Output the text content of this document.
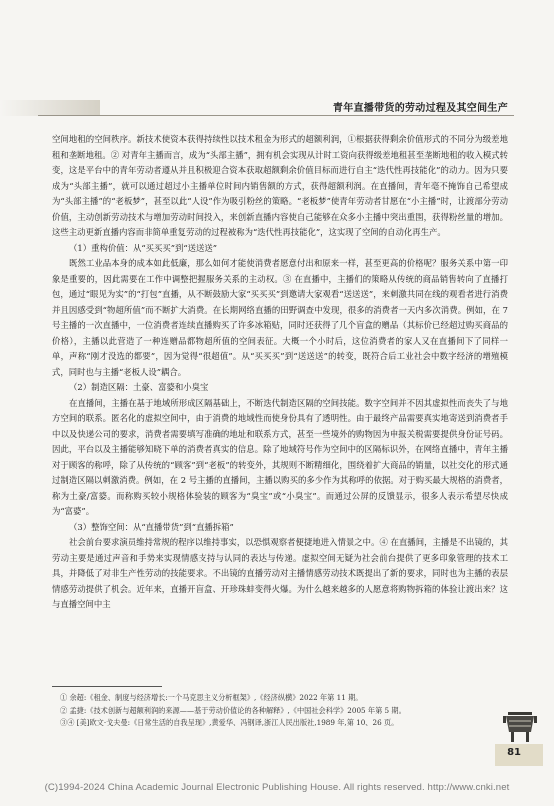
青年直播带货的劳动过程及其空间生产

空间地租的空间秩序。新技术使资本获得持续性以技术租金为形式的超额利润，①根据获得剩余价值形式的不同分为级差地租和垄断地租。② 对青年主播而言，成为“头部主播”，拥有机会实现从计时工资向获得级差地租甚至垄断地租的收入模式转变，这是平台中的青年劳动者遵从并且积极迎合资本获取超额剩余价值目标而进行自主“迭代性再技能化”的动力。因为只要成为“头部主播”，就可以通过超过小主播单位时间内销售额的方式，获得超额利润。在直播间，青年毫不掩饰自己希望成为“头部主播”的“老板梦”，甚至以此“人设”作为吸引粉丝的策略。“老板梦”使青年劳动者甘愿在“小主播”时，让渡部分劳动价值，主动创新劳动技术与增加劳动时间投入，来创新直播内容使自己能够在众多小主播中突出重围，获得粉丝量的增加。这些主动更新直播内容而非简单重复劳动的过程被称为“迭代性再技能化”，这实现了空间的自动化再生产。

（1）重构价值：从“买买买”到“送送送”

既然工业品本身的成本如此低廉，那么如何才能使消费者愿意付出和原来一样，甚至更高的价格呢？服务关系中第一印象是重要的，因此需要在工作中调整把握服务关系的主动权。③ 在直播中，主播们的策略从传统的商品销售转向了直播打包，通过“眼见为实”的“打包”直播，从不断鼓励大家“买买买”到邀请大家观看“送送送”，来刺激共同在线的观看者进行消费并且因感受到“物超所值”而不断扩大消费。在长期网络直播的田野调查中发现，很多的消费者一天内多次消费。例如，在 7 号主播的一次直播中，一位消费者连续直播购买了许多冰箱贴，同时还获得了几个盲盒的赠品（其标价已经超过购买商品的价格），主播以此营造了一种连赠品都物超所值的空间表征。大概一个小时后，这位消费者的家人又在直播间下了同样一单，声称“刚才没选的都要”，因为觉得“很超值”。从“买买买”到“送送送”的转变，既符合后工业社会中数字经济的增殖模式，同时也与主播“老板人设”耦合。

（2）制造区隔：土豪、富婆和小臭宝

在直播间，主播在基于地域所形成区隔基础上，不断迭代制造区隔的空间技能。数字空间并不因其虚拟性而丧失了与地方空间的联系。匿名化的虚拟空间中，由于消费的地域性而使身份具有了透明性。由于最终产品需要真实地寄送到消费者手中以及快递公司的要求，消费者需要填写准确的地址和联系方式，甚至一些境外的购物因为申报关税需要提供身份证号码。因此，平台以及主播能够知晓下单的消费者真实的信息。除了地域符号作为空间中的区隔标识外，在网络直播中，青年主播对于顾客的称呼，除了从传统的“顾客”到“老板”的转变外，其规则不断精细化，围绕着扩大商品的销量，以社交化的形式通过制造区隔以刺激消费。例如，在 2 号主播的直播间，主播以购买的多少作为其称呼的依据。对于购买最大规格的消费者，称为土豪/富婆。而称购买较小规格体验装的顾客为“臭宝”或“小臭宝”。而通过公屏的反馈显示，很多人表示希望尽快成为“富婆”。

（3）整饰空间：从“直播带货”到“直播拆箱”

社会前台要求演员维持常规的程序以维持事实，以恐惧观察者便捷地进入情景之中。④ 在直播间，主播是不出镜的，其劳动主要是通过声音和手势来实现情感支持与认同的表达与传递。虚拟空间无疑为社会前台提供了更多印象管理的技术工具，并降低了对非生产性劳动的技能要求。不出镜的直播劳动对主播情感劳动技术既提出了新的要求，同时也为主播的表层情感劳动提供了机会。近年来，直播开盲盒、开珍珠蚌变得火爆。为什么越来越多的人愿意将购物拆箱的体验让渡出来？这与直播空间中主

① 余超:《租金、制度与经济增长:一个马克思主义分析框架》,《经济纵横》2022 年第 11 期。
② 孟捷:《技术创新与超额利润的来源——基于劳动价值论的各种解释》,《中国社会科学》2005 年第 5 期。
③④ [美]欧文·戈夫曼:《日常生活的自我呈现》,黄爱华、冯钢译,浙江人民出版社,1989 年,第 10、26 页。
81
(C)1994-2024 China Academic Journal Electronic Publishing House. All rights reserved. http://www.cnki.net
